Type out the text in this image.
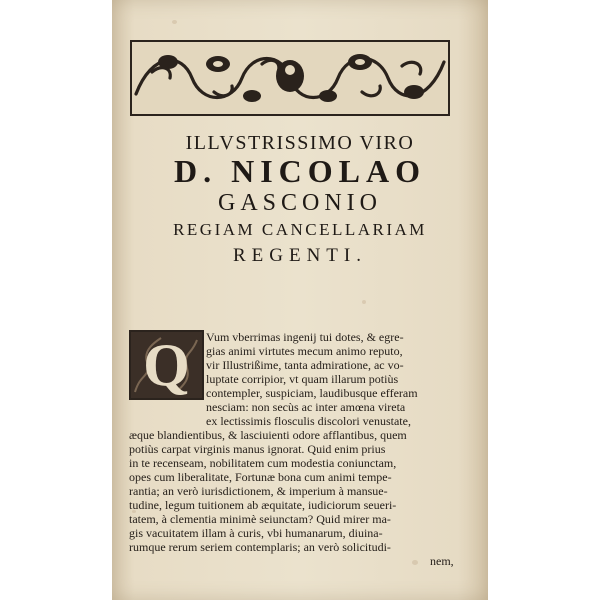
ILLVSTRISSIMO VIRO
D. NICOLAO
GASCONIO
REGIAM CANCELLARIAM
REGENTI.
Q	Vum vberrimas ingenij tui dotes, & egre-
gias animi virtutes mecum animo reputo,
vir Illustrißime, tanta admiratione, ac vo-
luptate corripior, vt quam illarum potiùs
contempler, suspiciam, laudibusque efferam
nesciam: non secùs ac inter amœna vireta
ex lectissimis flosculis discolori venustate,
æque blandientibus, & lasciuienti odore afflantibus, quem
potiùs carpat virginis manus ignorat. Quid enim prius
in te recenseam, nobilitatem cum modestia coniunctam,
opes cum liberalitate, Fortunæ bona cum animi tempe-
rantia; an verò iurisdictionem, & imperium à mansue-
tudine, legum tuitionem ab æquitate, iudiciorum seueri-
tatem, à clementia minimè seiunctam? Quid mirer ma-
gis vacuitatem illam à curis, vbi humanarum, diuina-
rumque rerum seriem contemplaris; an verò solicitudi-
nem,
